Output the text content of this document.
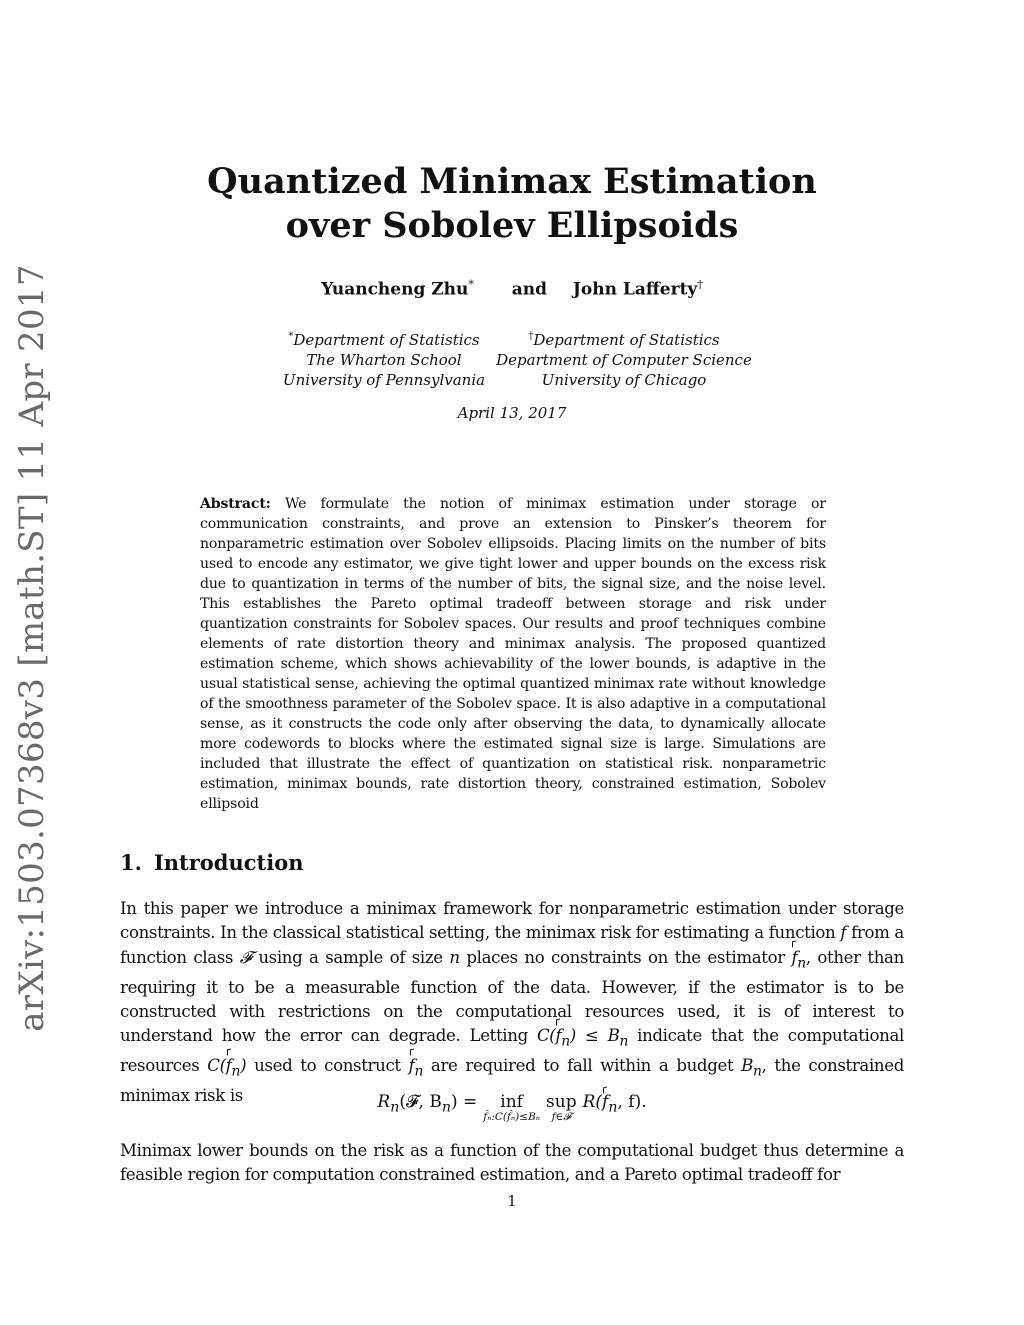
arXiv:1503.07368v3 [math.ST] 11 Apr 2017
Quantized Minimax Estimation
over Sobolev Ellipsoids
Yuancheng Zhu* and John Lafferty†
*Department of Statistics
The Wharton School
University of Pennsylvania
†Department of Statistics
Department of Computer Science
University of Chicago
April 13, 2017
Abstract: We formulate the notion of minimax estimation under storage or communication constraints, and prove an extension to Pinsker’s theorem for nonparametric estimation over Sobolev ellipsoids. Placing limits on the number of bits used to encode any estimator, we give tight lower and upper bounds on the excess risk due to quantization in terms of the number of bits, the signal size, and the noise level. This establishes the Pareto optimal tradeoff between storage and risk under quantization constraints for Sobolev spaces. Our results and proof techniques combine elements of rate distortion theory and minimax analysis. The proposed quantized estimation scheme, which shows achievability of the lower bounds, is adaptive in the usual statistical sense, achieving the optimal quantized minimax rate without knowledge of the smoothness parameter of the Sobolev space. It is also adaptive in a computational sense, as it constructs the code only after observing the data, to dynamically allocate more codewords to blocks where the estimated signal size is large. Simulations are included that illustrate the effect of quantization on statistical risk. nonparametric estimation, minimax bounds, rate distortion theory, constrained estimation, Sobolev ellipsoid
1. Introduction
In this paper we introduce a minimax framework for nonparametric estimation under storage constraints. In the classical statistical setting, the minimax risk for estimating a function f from a function class 𝓕 using a sample of size n places no constraints on the estimator $f_n$, other than requiring it to be a measurable function of the data. However, if the estimator is to be constructed with restrictions on the computational resources used, it is of interest to understand how the error can degrade. Letting $C(f_n) \le B_n$ indicate that the computational resources $C(f_n)$ used to construct $f_n$ are required to fall within a budget $B_n$, the constrained minimax risk is	$R_n(𝓕$, $B_n$) = inf
f̂ₙ:C(f̂ₙ)≤Bₙ
sup
f∈𝓕
$R(f_n$, f).
Minimax lower bounds on the risk as a function of the computational budget thus determine a feasible region for computation constrained estimation, and a Pareto optimal tradeoff for
1
